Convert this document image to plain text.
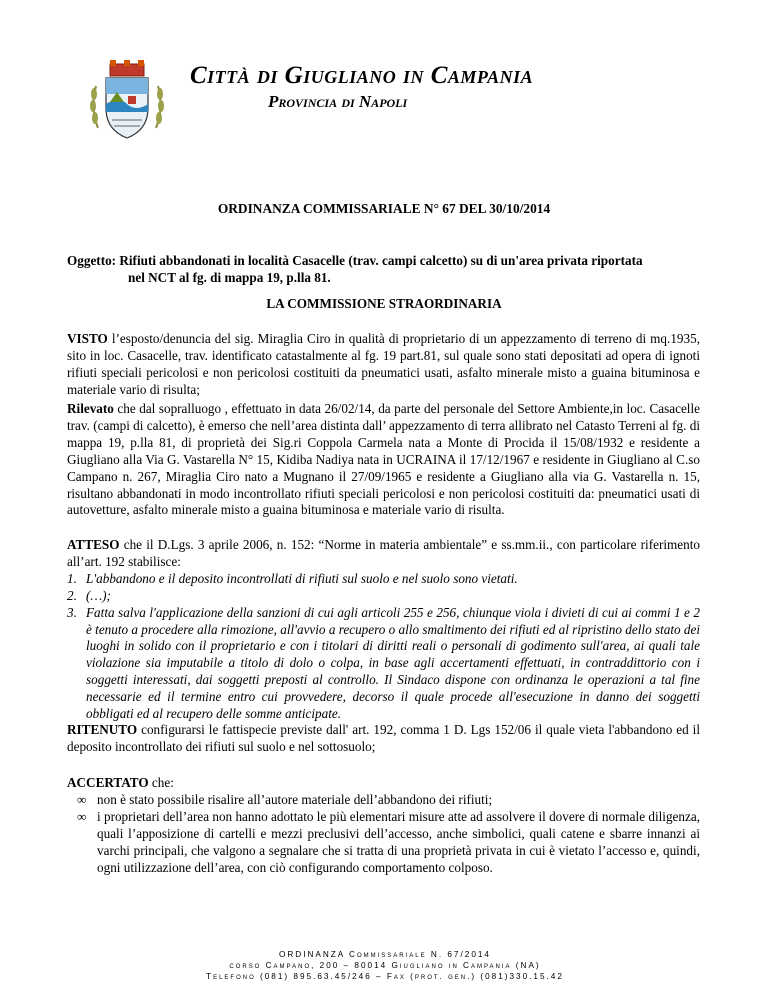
Città di Giugliano in Campania
Provincia di Napoli
ORDINANZA COMMISSARIALE N° 67 DEL 30/10/2014
Oggetto: Rifiuti abbandonati in località Casacelle (trav. campi calcetto) su di un'area privata riportata
nel NCT al fg. di mappa 19, p.lla 81.
LA COMMISSIONE STRAORDINARIA
VISTO l’esposto/denuncia del sig. Miraglia Ciro in qualità di proprietario di un appezzamento di terreno di mq.1935, sito in loc. Casacelle, trav. identificato catastalmente al fg. 19 part.81, sul quale sono stati depositati ad opera di ignoti rifiuti speciali pericolosi e non pericolosi costituiti da pneumatici usati, asfalto minerale misto a guaina bituminosa e materiale vario di risulta;
Rilevato che dal sopralluogo , effettuato in data 26/02/14, da parte del personale del Settore Ambiente,in loc. Casacelle trav. (campi di calcetto), è emerso che nell’area distinta dall’ appezzamento di terra allibrato nel Catasto Terreni al fg. di mappa 19, p.lla 81, di proprietà dei Sig.ri Coppola Carmela nata a Monte di Procida il 15/08/1932 e residente a Giugliano alla Via G. Vastarella N° 15, Kidiba Nadiya nata in UCRAINA il 17/12/1967 e residente in Giugliano al C.so Campano n. 267, Miraglia Ciro nato a Mugnano il 27/09/1965 e residente a Giugliano alla via G. Vastarella n. 15, risultano abbandonati in modo incontrollato rifiuti speciali pericolosi e non pericolosi costituiti da: pneumatici usati di autovetture, asfalto minerale misto a guaina bituminosa e materiale vario di risulta.
ATTESO che il D.Lgs. 3 aprile 2006, n. 152: “Norme in materia ambientale” e ss.mm.ii., con particolare riferimento all’art. 192 stabilisce:
1. L'abbandono e il deposito incontrollati di rifiuti sul suolo e nel suolo sono vietati.
2. (…);
3. Fatta salva l'applicazione della sanzioni di cui agli articoli 255 e 256, chiunque viola i divieti di cui ai commi 1 e 2 è tenuto a procedere alla rimozione, all'avvio a recupero o allo smaltimento dei rifiuti ed al ripristino dello stato dei luoghi in solido con il proprietario e con i titolari di diritti reali o personali di godimento sull'area, ai quali tale violazione sia imputabile a titolo di dolo o colpa, in base agli accertamenti effettuati, in contraddittorio con i soggetti interessati, dai soggetti preposti al controllo. Il Sindaco dispone con ordinanza le operazioni a tal fine necessarie ed il termine entro cui provvedere, decorso il quale procede all'esecuzione in danno dei soggetti obbligati ed al recupero delle somme anticipate.
RITENUTO configurarsi le fattispecie previste dall' art. 192, comma 1 D. Lgs 152/06 il quale vieta l'abbandono ed il deposito incontrollato dei rifiuti sul suolo e nel sottosuolo;
ACCERTATO che:
∞ non è stato possibile risalire all’autore materiale dell’abbandono dei rifiuti;
∞ i proprietari dell’area non hanno adottato le più elementari misure atte ad assolvere il dovere di normale diligenza, quali l’apposizione di cartelli e mezzi preclusivi dell’accesso, anche simbolici, quali catene e sbarre innanzi ai varchi principali, che valgono a segnalare che si tratta di una proprietà privata in cui è vietato l’accesso e, quindi, ogni utilizzazione dell’area, con ciò configurando comportamento colposo.
ORDINANZA Commissariale N. 67/2014
corso Campano, 200 – 80014 Giugliano in Campania (NA)
Telefono (081) 895.63.45/246 – Fax (prot. gen.) (081)330.15.42
